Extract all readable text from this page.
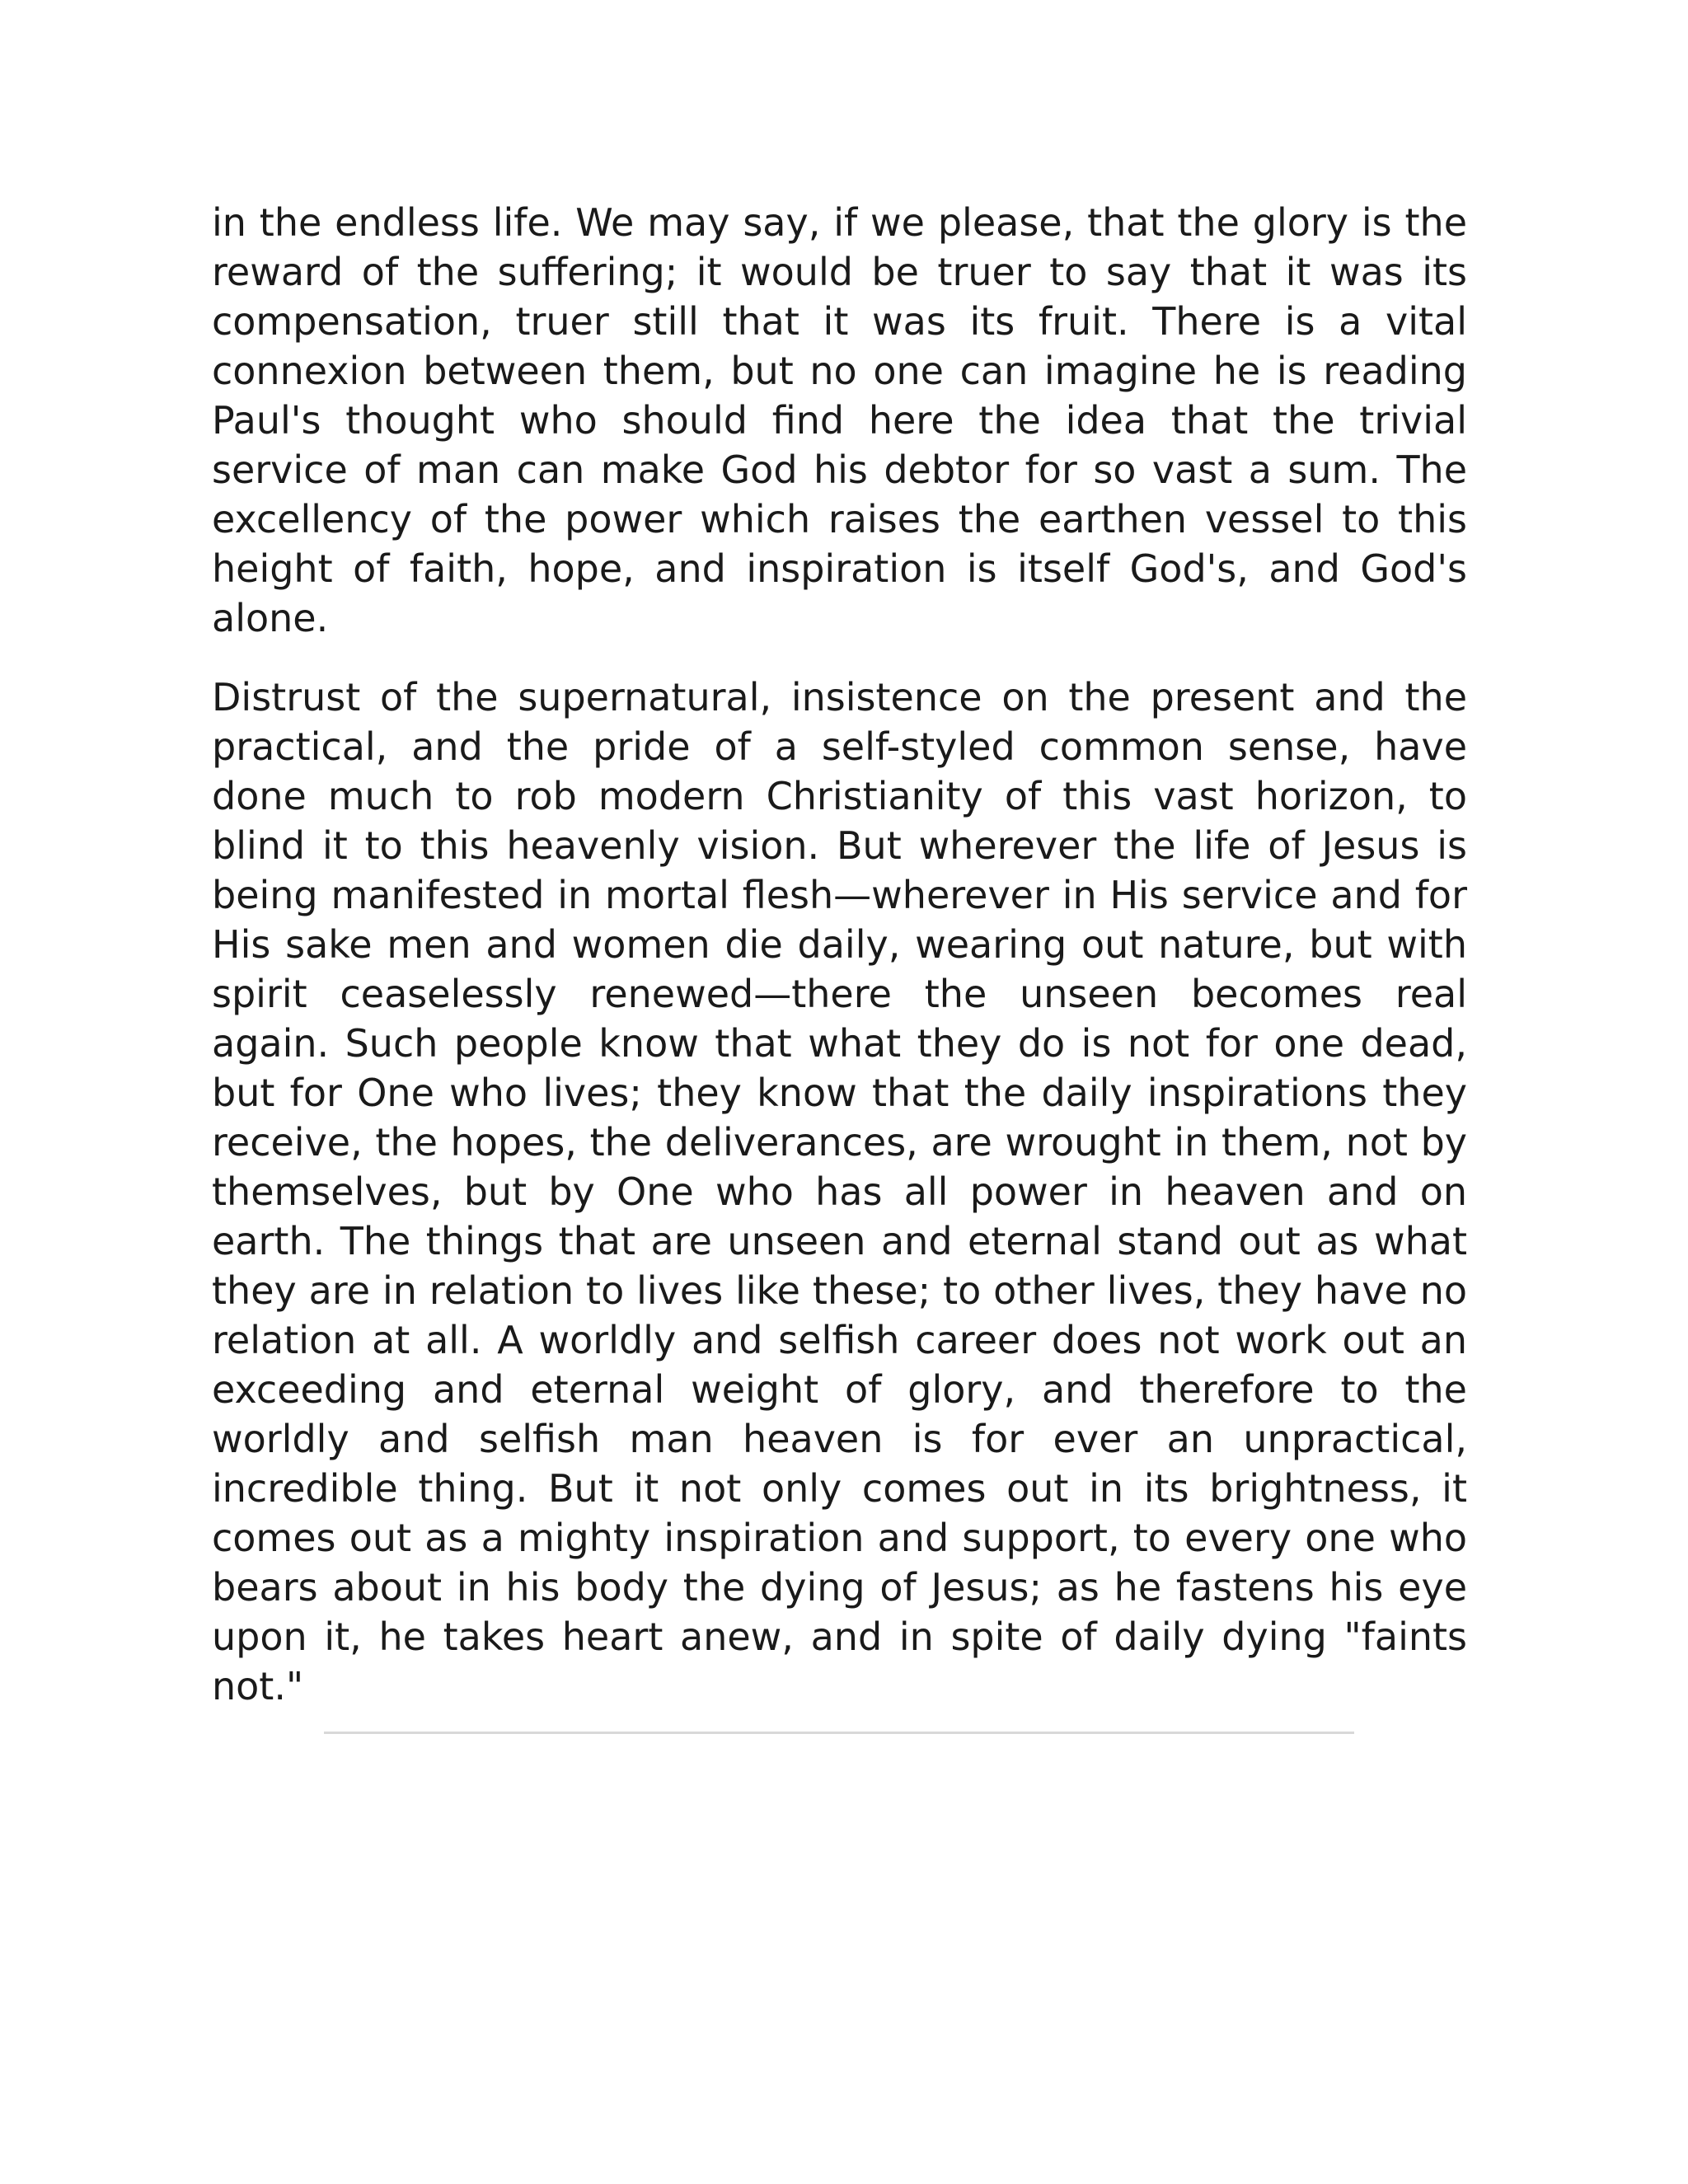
in the endless life. We may say, if we please, that the glory is the reward of the suffering; it would be truer to say that it was its compensation, truer still that it was its fruit. There is a vital connexion between them, but no one can imagine he is reading Paul's thought who should find here the idea that the trivial service of man can make God his debtor for so vast a sum. The excellency of the power which raises the earthen vessel to this height of faith, hope, and inspiration is itself God's, and God's alone.

Distrust of the supernatural, insistence on the present and the practical, and the pride of a self-styled common sense, have done much to rob modern Christianity of this vast horizon, to blind it to this heavenly vision. But wherever the life of Jesus is being manifested in mortal flesh—wherever in His service and for His sake men and women die daily, wearing out nature, but with spirit ceaselessly renewed—there the unseen becomes real again. Such people know that what they do is not for one dead, but for One who lives; they know that the daily inspirations they receive, the hopes, the deliverances, are wrought in them, not by themselves, but by One who has all power in heaven and on earth. The things that are unseen and eternal stand out as what they are in relation to lives like these; to other lives, they have no relation at all. A worldly and selfish career does not work out an exceeding and eternal weight of glory, and therefore to the worldly and selfish man heaven is for ever an unpractical, incredible thing. But it not only comes out in its brightness, it comes out as a mighty inspiration and support, to every one who bears about in his body the dying of Jesus; as he fastens his eye upon it, he takes heart anew, and in spite of daily dying "faints not."
